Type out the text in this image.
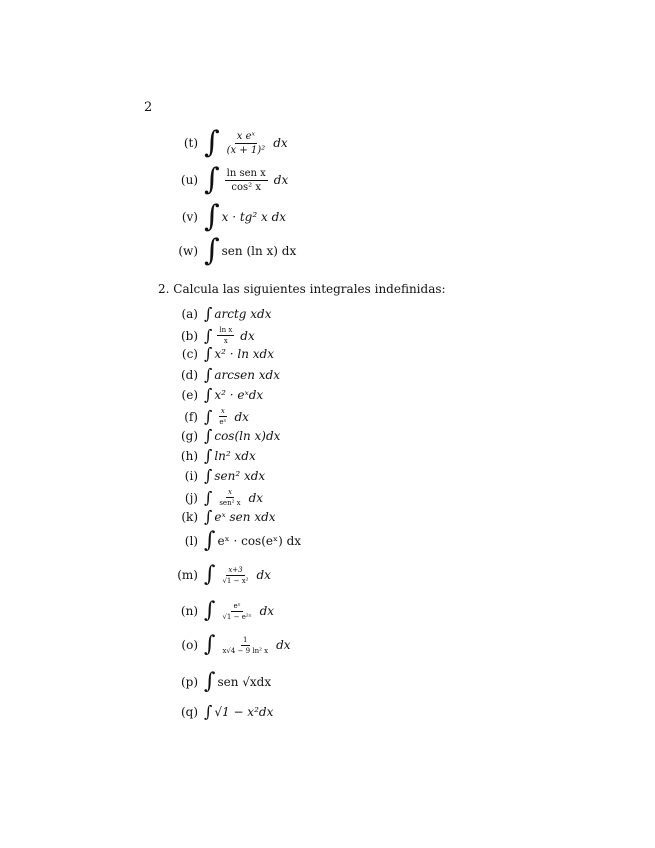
2
(t) ∫ $\frac{\text{x eˣ}}{\text{(x + 1)²}}$ dx
(u) ∫ $\frac{\text{ln sen x}}{\text{cos² x}}$ dx
(v) ∫ x · tg² x dx
(w) ∫ sen (ln x) dx
2. Calcula las siguientes integrales indefinidas:
(a) ∫ arctg xdx
(b) ∫ $\frac{\text{ln x}}{x}$ dx
(c) ∫ x² · ln xdx
(d) ∫ arcsen xdx
(e) ∫ x² · eˣdx
(f) ∫ $\frac{x}{\text{eˣ}}$ dx
(g) ∫ cos(ln x)dx
(h) ∫ ln² xdx
(i) ∫ sen² xdx
(j) ∫ $\frac{x}{\text{sen² x}}$ dx
(k) ∫ eˣ sen xdx
(l) ∫ eˣ · cos(eˣ) dx
(m) ∫ $\frac{x+3}{\text{√1 − x²}}$ dx
(n) ∫ $\frac{\text{eˣ}}{\text{√1 − e²ˣ}}$ dx
(o) ∫ $\frac{1}{\text{x√4 − 9 ln² x}}$ dx
(p) ∫ sen √xdx
(q) ∫ √1 − x²dx
